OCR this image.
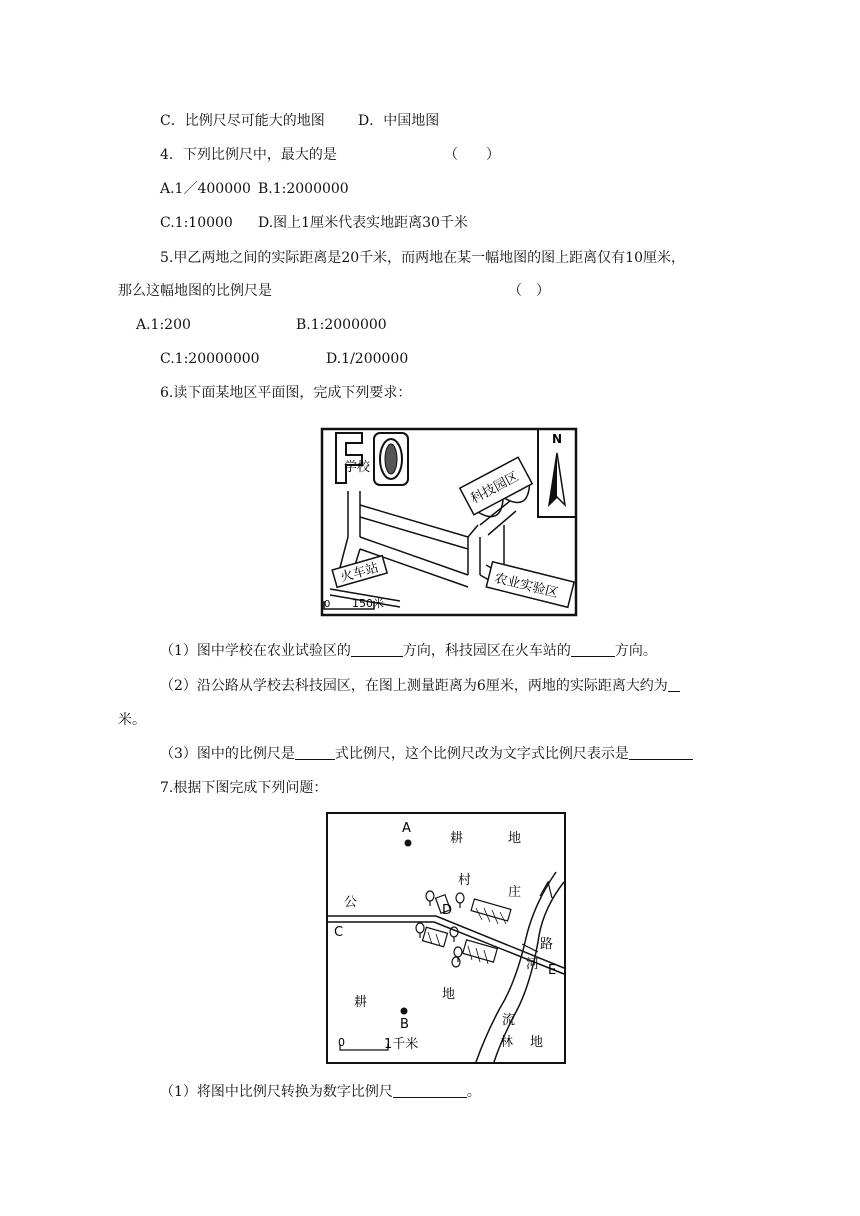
C．比例尺尽可能大的地图 D．中国地图
4．下列比例尺中，最大的是	（　　）
A.1／400000 B.1:2000000
C.1:10000 D.图上1厘米代表实地距离30千米
5.甲乙两地之间的实际距离是20千米，而两地在某一幅地图的图上距离仅有10厘米，
那么这幅地图的比例尺是	（　）
A.1:200	B.1:2000000
C.1:20000000	D.1/200000
6.读下面某地区平面图，完成下列要求：
N
学校
科技园区
火车站	农业实验区
0 150米
（1）图中学校在农业试验区的	方向，科技园区在火车站的	方向。
（2）沿公路从学校去科技园区，在图上测量距离为6厘米，两地的实际距离大约为
米。
（3）图中的比例尺是	式比例尺，这个比例尺改为文字式比例尺表示是
7.根据下图完成下列问题：
A
耕	地
村
庄
公
C
D
路
河 E
耕
地
B	流
林 地
0	1千米
（1）将图中比例尺转换为数字比例尺	。
